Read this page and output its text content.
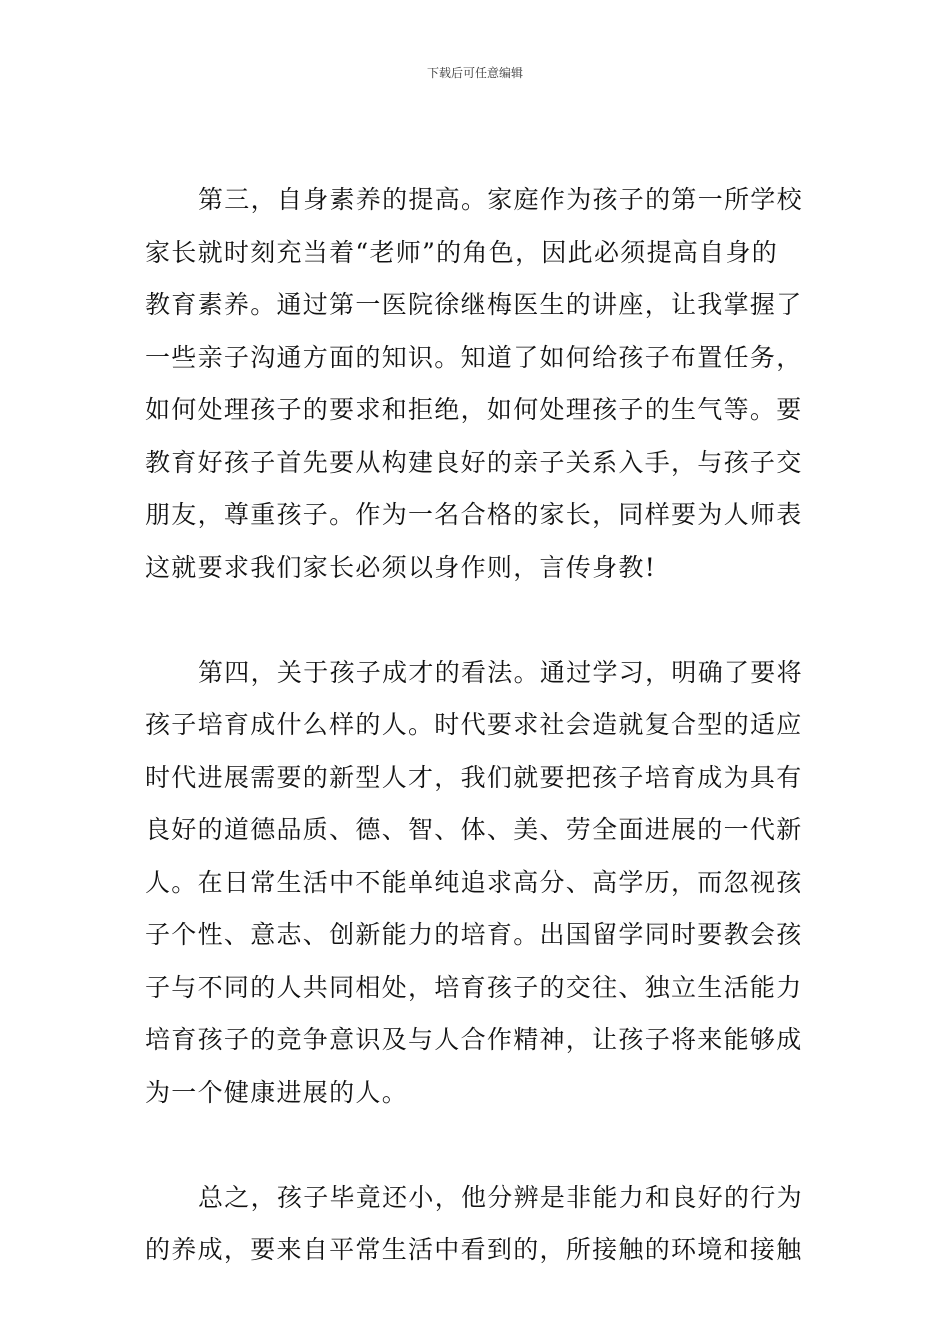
下载后可任意编辑
第三，自身素养的提高。家庭作为孩子的第一所学校
家长就时刻充当着“老师”的角色，因此必须提高自身的
教育素养。通过第一医院徐继梅医生的讲座，让我掌握了
一些亲子沟通方面的知识。知道了如何给孩子布置任务，
如何处理孩子的要求和拒绝，如何处理孩子的生气等。要
教育好孩子首先要从构建良好的亲子关系入手，与孩子交
朋友，尊重孩子。作为一名合格的家长，同样要为人师表
这就要求我们家长必须以身作则，言传身教!
第四，关于孩子成才的看法。通过学习，明确了要将
孩子培育成什么样的人。时代要求社会造就复合型的适应
时代进展需要的新型人才，我们就要把孩子培育成为具有
良好的道德品质、德、智、体、美、劳全面进展的一代新
人。在日常生活中不能单纯追求高分、高学历，而忽视孩
子个性、意志、创新能力的培育。出国留学同时要教会孩
子与不同的人共同相处，培育孩子的交往、独立生活能力
培育孩子的竞争意识及与人合作精神，让孩子将来能够成
为一个健康进展的人。
总之，孩子毕竟还小，他分辨是非能力和良好的行为
的养成，要来自平常生活中看到的，所接触的环境和接触
